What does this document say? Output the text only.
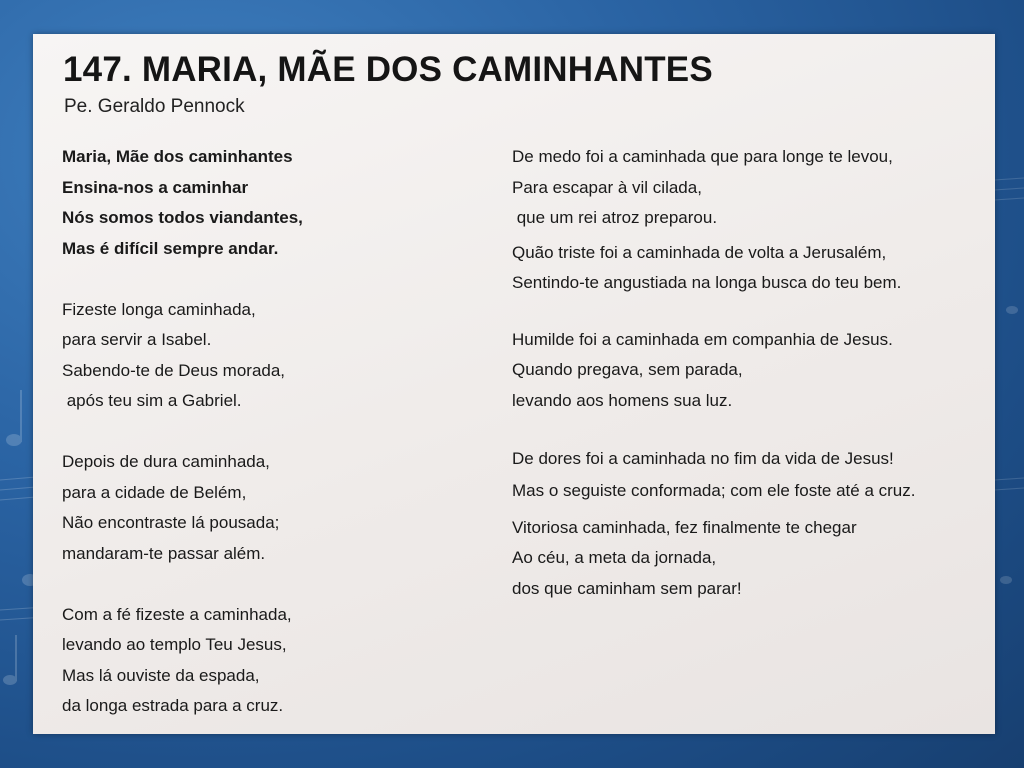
147. MARIA, MÃE DOS CAMINHANTES

Pe. Geraldo Pennock

Maria, Mãe dos caminhantes
Ensina-nos a caminhar
Nós somos todos viandantes,
Mas é difícil sempre andar.
Fizeste longa caminhada,
para servir a Isabel.
Sabendo-te de Deus morada,
após teu sim a Gabriel.
Depois de dura caminhada,
para a cidade de Belém,
Não encontraste lá pousada;
mandaram-te passar além.
Com a fé fizeste a caminhada,
levando ao templo Teu Jesus,
Mas lá ouviste da espada,
da longa estrada para a cruz.
De medo foi a caminhada que para longe te levou,
Para escapar à vil cilada,
que um rei atroz preparou.
Quão triste foi a caminhada de volta a Jerusalém,
Sentindo-te angustiada na longa busca do teu bem.
Humilde foi a caminhada em companhia de Jesus.
Quando pregava, sem parada,
levando aos homens sua luz.
De dores foi a caminhada no fim da vida de Jesus!
Mas o seguiste conformada; com ele foste até a cruz.
Vitoriosa caminhada, fez finalmente te chegar
Ao céu, a meta da jornada,
dos que caminham sem parar!
